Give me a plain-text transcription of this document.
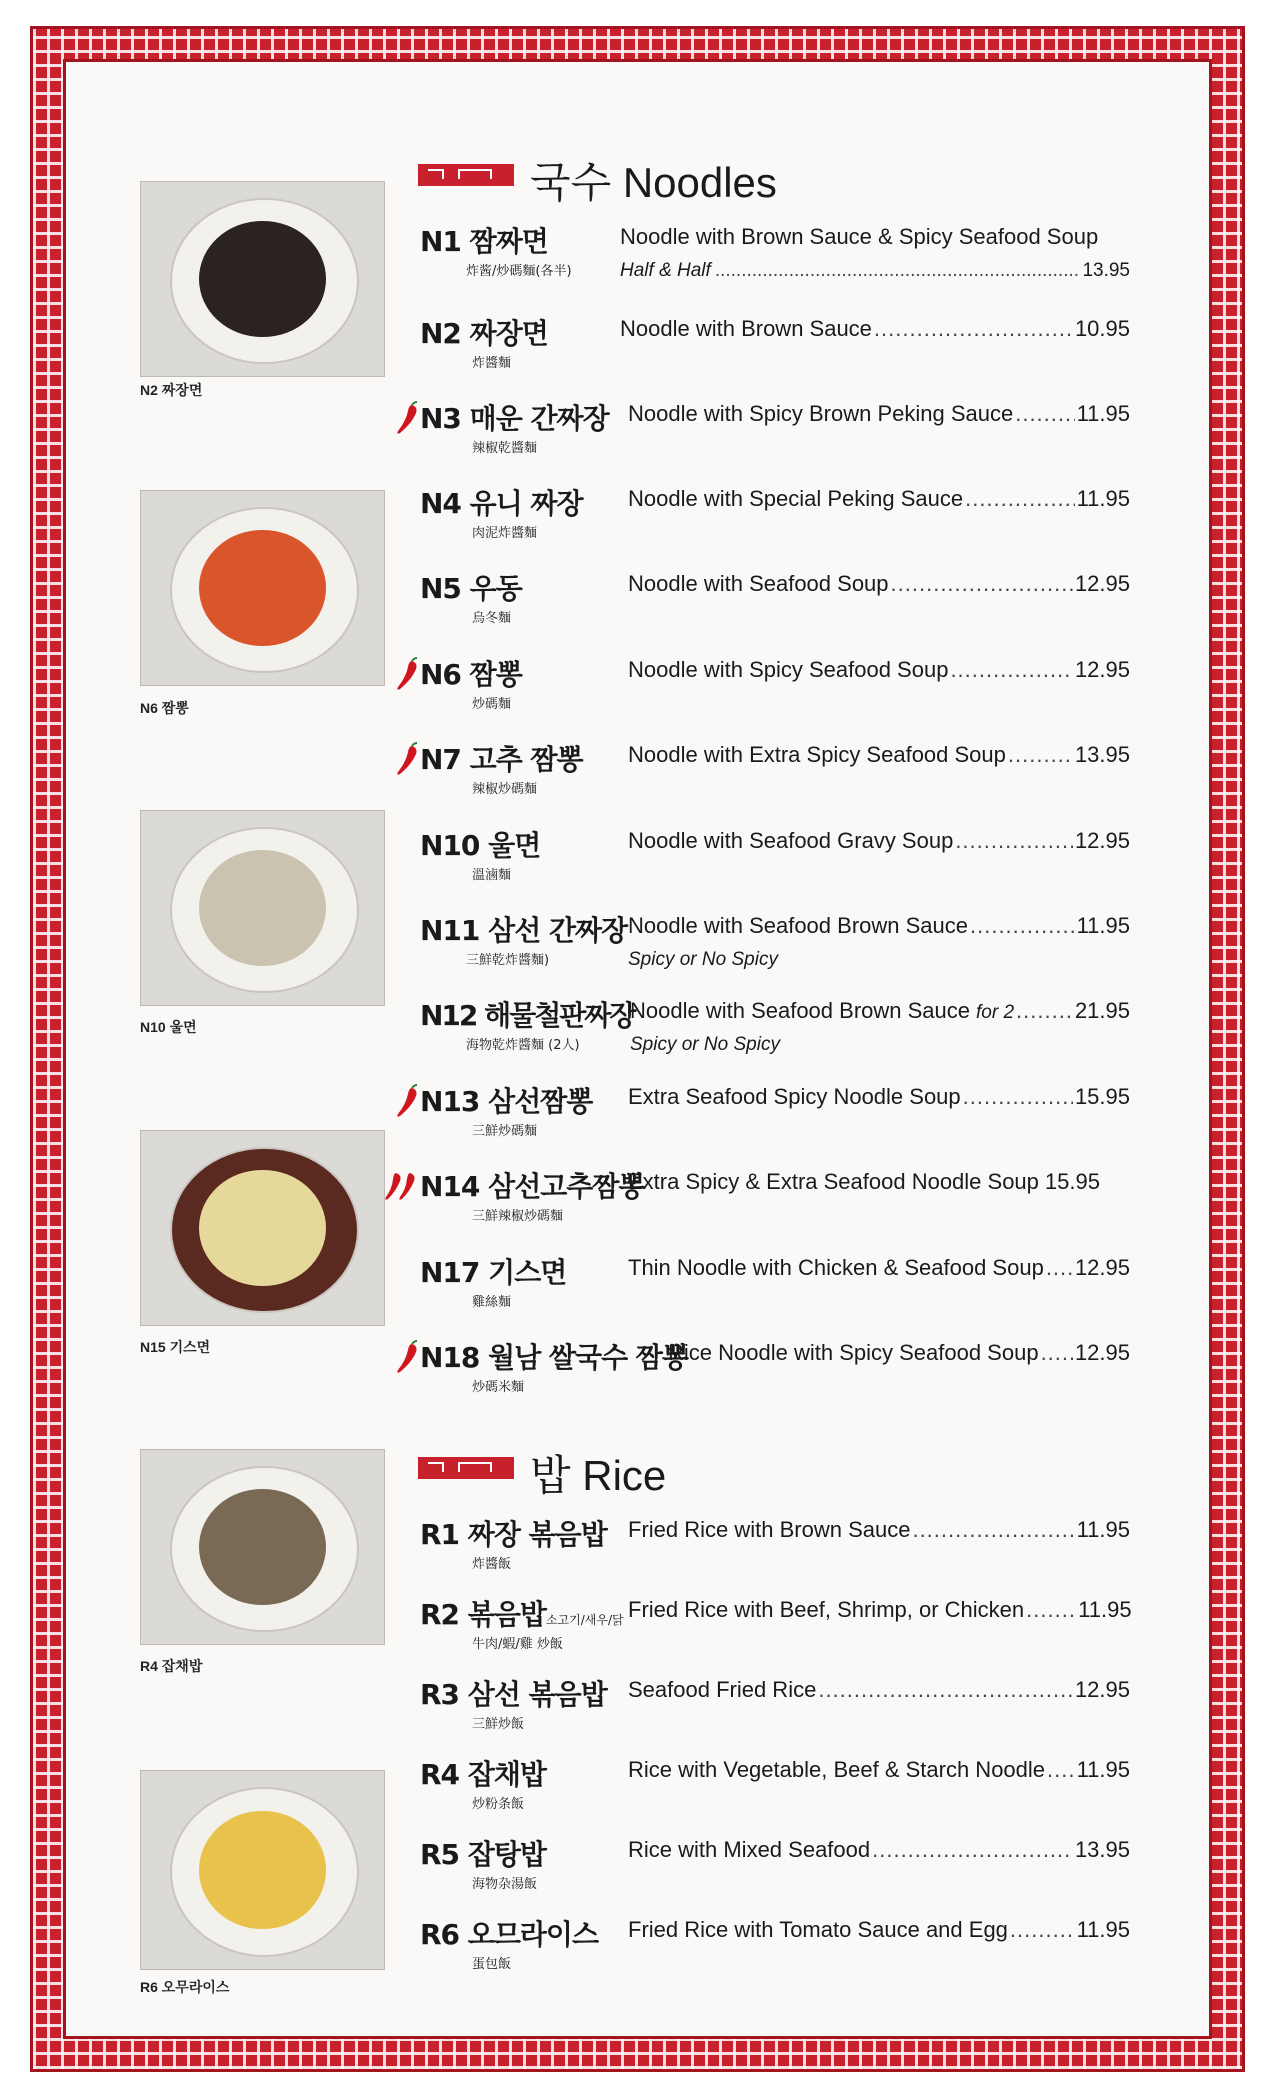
N2 짜장면
N6 짬뽕
N10 울면
N15 기스면
R4 잡채밥
R6 오무라이스
국수 Noodles
N1 짬짜면
炸酱/炒碼麵(各半)
Noodle with Brown Sauce & Spicy Seafood Soup
Half & Half .....	13.95
N2 짜장면
炸醬麵
Noodle with Brown Sauce .....	10.95
N3 매운 간짜장
辣椒乾醬麵
Noodle with Spicy Brown Peking Sauce .....	11.95
N4 유니 짜장
肉泥炸醬麵
Noodle with Special Peking Sauce .....	11.95
N5 우동
烏冬麵
Noodle with Seafood Soup .....	12.95
N6 짬뽕
炒碼麵
Noodle with Spicy Seafood Soup .....	12.95
N7 고추 짬뽕
辣椒炒碼麵
Noodle with Extra Spicy Seafood Soup .....	13.95
N10 울면
溫滷麵
Noodle with Seafood Gravy Soup .....	12.95
N11 삼선 간짜장
三鮮乾炸醬麵)
Noodle with Seafood Brown Sauce .....	11.95
Spicy or No Spicy
N12 해물철판짜장
海物乾炸醬麵 (2人)
Noodle with Seafood Brown Sauce for 2 .....	21.95
Spicy or No Spicy
N13 삼선짬뽕
三鮮炒碼麵
Extra Seafood Spicy Noodle Soup .....	15.95
N14 삼선고추짬뽕
三鮮辣椒炒碼麵
Extra Spicy & Extra Seafood Noodle Soup 15.95
N17 기스면
雞絲麵
Thin Noodle with Chicken & Seafood Soup ..... 12.95
N18 월남 쌀국수 짬뽕
炒碼米麵
Rice Noodle with Spicy Seafood Soup ..... 12.95
밥 Rice
R1 짜장 볶음밥
炸醬飯
Fried Rice with Brown Sauce .....	11.95
R2 볶음밥소고기/새우/닭
牛肉/蝦/雞 炒飯
Fried Rice with Beef, Shrimp, or Chicken ..... 11.95
R3 삼선 볶음밥
三鮮炒飯
Seafood Fried Rice .....	12.95
R4 잡채밥
炒粉条飯
Rice with Vegetable, Beef & Starch Noodle ..... 11.95
R5 잡탕밥
海物杂湯飯
Rice with Mixed Seafood .....	13.95
R6 오므라이스
蛋包飯
Fried Rice with Tomato Sauce and Egg .....	11.95
